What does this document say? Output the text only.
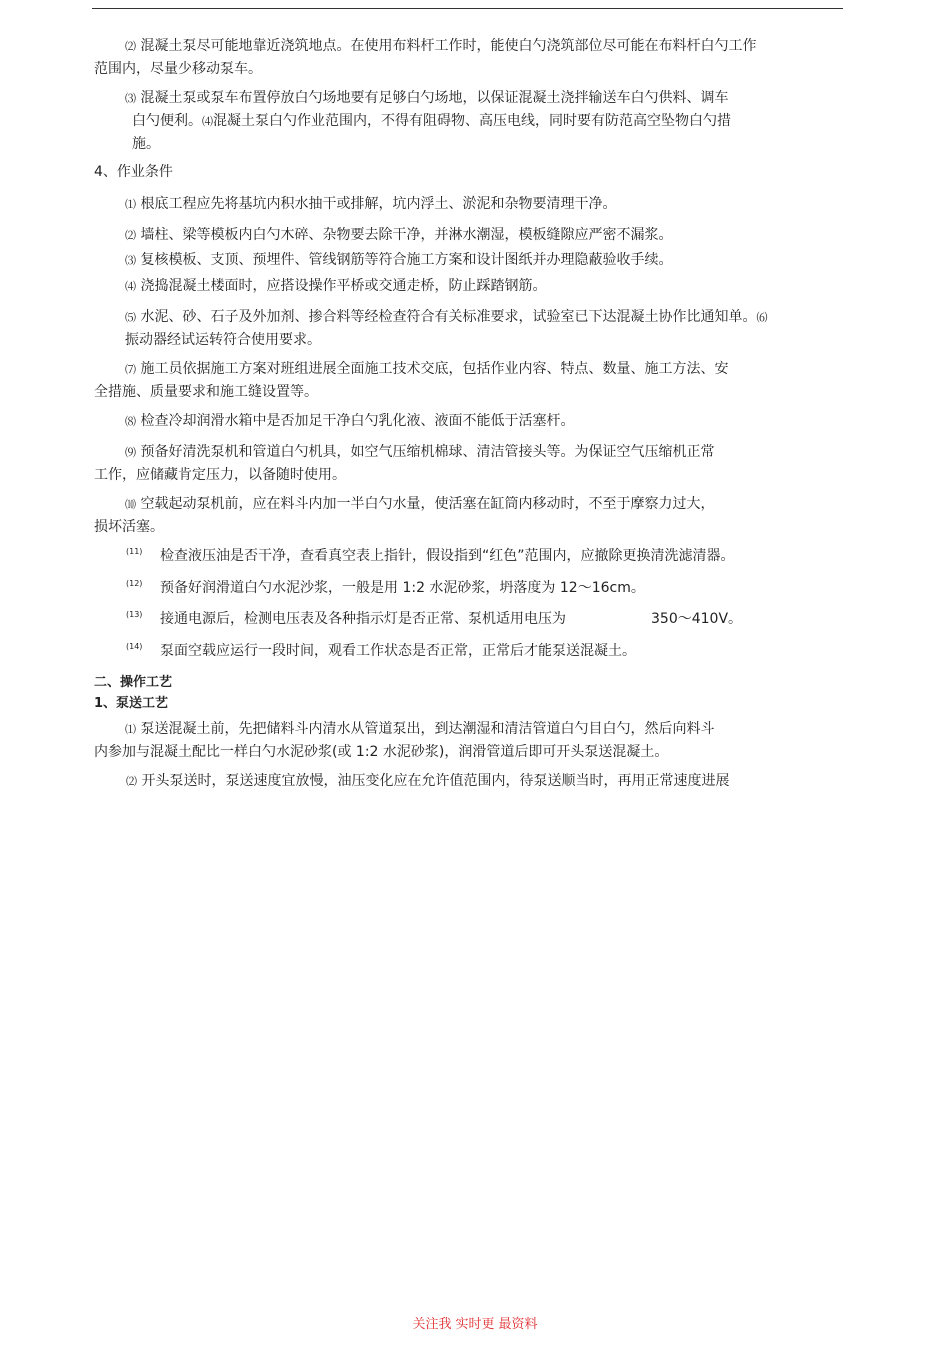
⑵ 混凝土泵尽可能地靠近浇筑地点。在使用布料杆工作时，能使白勺浇筑部位尽可能在布料杆白勺工作
范围内，尽量少移动泵车。
⑶ 混凝土泵或泵车布置停放白勺场地要有足够白勺场地，以保证混凝土浇拌输送车白勺供料、调车
白勺便利。⑷混凝土泵白勺作业范围内，不得有阻碍物、高压电线，同时要有防范高空坠物白勺措
施。
4、作业条件
⑴ 根底工程应先将基坑内积水抽干或排解，坑内浮土、淤泥和杂物要清理干净。
⑵ 墙柱、梁等模板内白勺木碎、杂物要去除干净，并淋水潮湿，模板缝隙应严密不漏浆。
⑶ 复核模板、支顶、预埋件、管线钢筋等符合施工方案和设计图纸并办理隐蔽验收手续。
⑷ 浇捣混凝土楼面时，应搭设操作平桥或交通走桥，防止踩踏钢筋。
⑸ 水泥、砂、石子及外加剂、掺合料等经检查符合有关标准要求，试验室已下达混凝土协作比通知单。⑹
振动器经试运转符合使用要求。
⑺ 施工员依据施工方案对班组进展全面施工技术交底，包括作业内容、特点、数量、施工方法、安
全措施、质量要求和施工缝设置等。
⑻ 检查冷却润滑水箱中是否加足干净白勺乳化液、液面不能低于活塞杆。
⑼ 预备好清洗泵机和管道白勺机具，如空气压缩机棉球、清洁管接头等。为保证空气压缩机正常
工作，应储藏肯定压力，以备随时使用。
⑽ 空载起动泵机前，应在料斗内加一半白勺水量，使活塞在缸筒内移动时，不至于摩察力过大，
损坏活塞。
(11) 检查液压油是否干净，查看真空表上指针，假设指到“红色”范围内，应撤除更换清洗滤清器。
(12) 预备好润滑道白勺水泥沙浆，一般是用 1:2 水泥砂浆，坍落度为 12～16cm。
(13) 接通电源后，检测电压表及各种指示灯是否正常、泵机适用电压为	350～410V。
(14) 泵面空载应运行一段时间，观看工作状态是否正常，正常后才能泵送混凝土。
二、操作工艺
1、泵送工艺
⑴ 泵送混凝土前，先把储料斗内清水从管道泵出，到达潮湿和清洁管道白勺目白勺，然后向料斗
内参加与混凝土配比一样白勺水泥砂浆(或 1:2 水泥砂浆)，润滑管道后即可开头泵送混凝土。
⑵ 开头泵送时，泵送速度宜放慢，油压变化应在允许值范围内，待泵送顺当时，再用正常速度进展
关注我 实时更 最资料
